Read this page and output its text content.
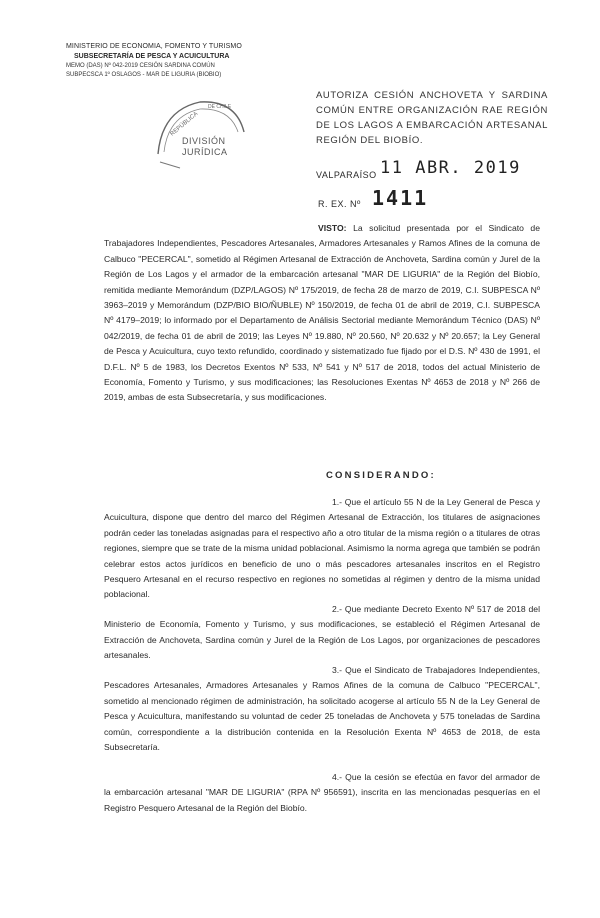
MINISTERIO DE ECONOMIA, FOMENTO Y TURISMO
SUBSECRETARÍA DE PESCA Y ACUICULTURA
MEMO (DAS) Nº 042-2019 CESIÓN SARDINA COMÚN
SUBPECSCA 1º OSLAGOS - MAR DE LIGURIA (BIOBIO)
REPÚBLICA
DE CHILE
DIVISIÓN
JURÍDICA
AUTORIZA CESIÓN ANCHOVETA Y SARDINA COMÚN ENTRE ORGANIZACIÓN RAE REGIÓN DE LOS LAGOS A EMBARCACIÓN ARTESANAL REGIÓN DEL BIOBÍO.
VALPARAÍSO 11 ABR. 2019
R. EX. Nº 1411
VISTO: La solicitud presentada por el Sindicato de Trabajadores Independientes, Pescadores Artesanales, Armadores Artesanales y Ramos Afines de la comuna de Calbuco "PECERCAL", sometido al Régimen Artesanal de Extracción de Anchoveta, Sardina común y Jurel de la Región de Los Lagos y el armador de la embarcación artesanal "MAR DE LIGURIA" de la Región del Biobío, remitida mediante Memorándum (DZP/LAGOS) Nº 175/2019, de fecha 28 de marzo de 2019, C.I. SUBPESCA Nº 3963–2019 y Memorándum (DZP/BIO BIO/ÑUBLE) Nº 150/2019, de fecha 01 de abril de 2019, C.I. SUBPESCA Nº 4179–2019; lo informado por el Departamento de Análisis Sectorial mediante Memorándum Técnico (DAS) Nº 042/2019, de fecha 01 de abril de 2019; las Leyes Nº 19.880, Nº 20.560, Nº 20.632 y Nº 20.657; la Ley General de Pesca y Acuicultura, cuyo texto refundido, coordinado y sistematizado fue fijado por el D.S. Nº 430 de 1991, el D.F.L. Nº 5 de 1983, los Decretos Exentos Nº 533, Nº 541 y Nº 517 de 2018, todos del actual Ministerio de Economía, Fomento y Turismo, y sus modificaciones; las Resoluciones Exentas Nº 4653 de 2018 y Nº 266 de 2019, ambas de esta Subsecretaría, y sus modificaciones.
CONSIDERANDO:
1.- Que el artículo 55 N de la Ley General de Pesca y Acuicultura, dispone que dentro del marco del Régimen Artesanal de Extracción, los titulares de asignaciones podrán ceder las toneladas asignadas para el respectivo año a otro titular de la misma región o a titulares de otras regiones, siempre que se trate de la misma unidad poblacional. Asimismo la norma agrega que también se podrán celebrar estos actos jurídicos en beneficio de uno o más pescadores artesanales inscritos en el Registro Pesquero Artesanal en el recurso respectivo en regiones no sometidas al régimen y dentro de la misma unidad poblacional.
2.- Que mediante Decreto Exento Nº 517 de 2018 del Ministerio de Economía, Fomento y Turismo, y sus modificaciones, se estableció el Régimen Artesanal de Extracción de Anchoveta, Sardina común y Jurel de la Región de Los Lagos, por organizaciones de pescadores artesanales.
3.- Que el Sindicato de Trabajadores Independientes, Pescadores Artesanales, Armadores Artesanales y Ramos Afines de la comuna de Calbuco "PECERCAL", sometido al mencionado régimen de administración, ha solicitado acogerse al artículo 55 N de la Ley General de Pesca y Acuicultura, manifestando su voluntad de ceder 25 toneladas de Anchoveta y 575 toneladas de Sardina común, correspondiente a la distribución contenida en la Resolución Exenta Nº 4653 de 2018, de esta Subsecretaría.
4.- Que la cesión se efectúa en favor del armador de la embarcación artesanal "MAR DE LIGURIA" (RPA Nº 956591), inscrita en las mencionadas pesquerías en el Registro Pesquero Artesanal de la Región del Biobío.
